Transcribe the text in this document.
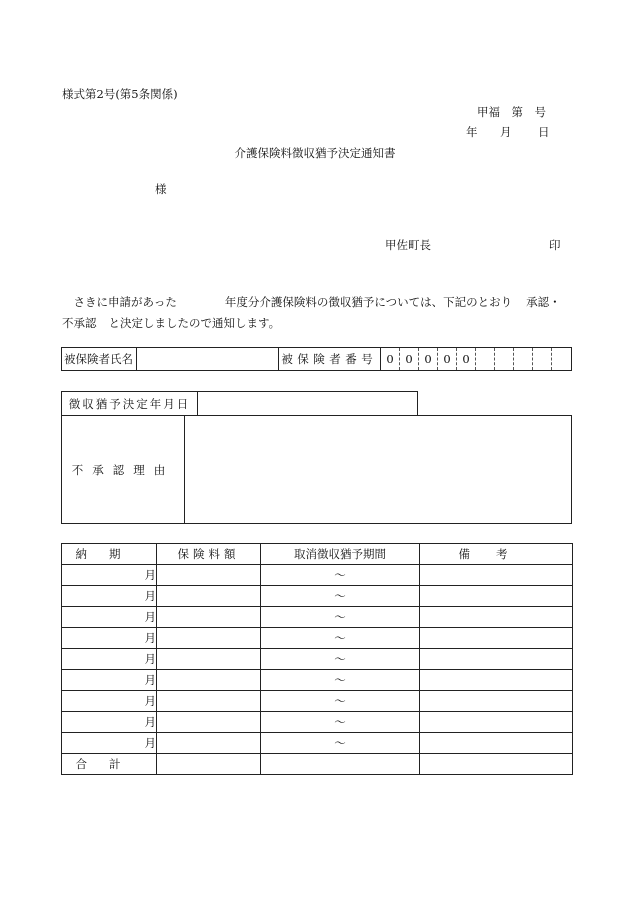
様式第2号(第5条関係)
甲福　第　号
年 月 日
介護保険料徴収猶予決定通知書
様
甲佐町長	印
　さきに申請があった	年度分介護保険料の徴収猶予については、下記のとおり 承認・
不承認 と決定しましたので通知します。
被保険者氏名	被保険者番号 0	0	0	0	0
徴収猶予決定年月日
不承認理由
納期	保険料額	取消徴収猶予期間	備考
月		〜	
月		〜	
月		〜	
月		〜	
月		〜	
月		〜	
月		〜	
月		〜	
月		〜	
合計			
